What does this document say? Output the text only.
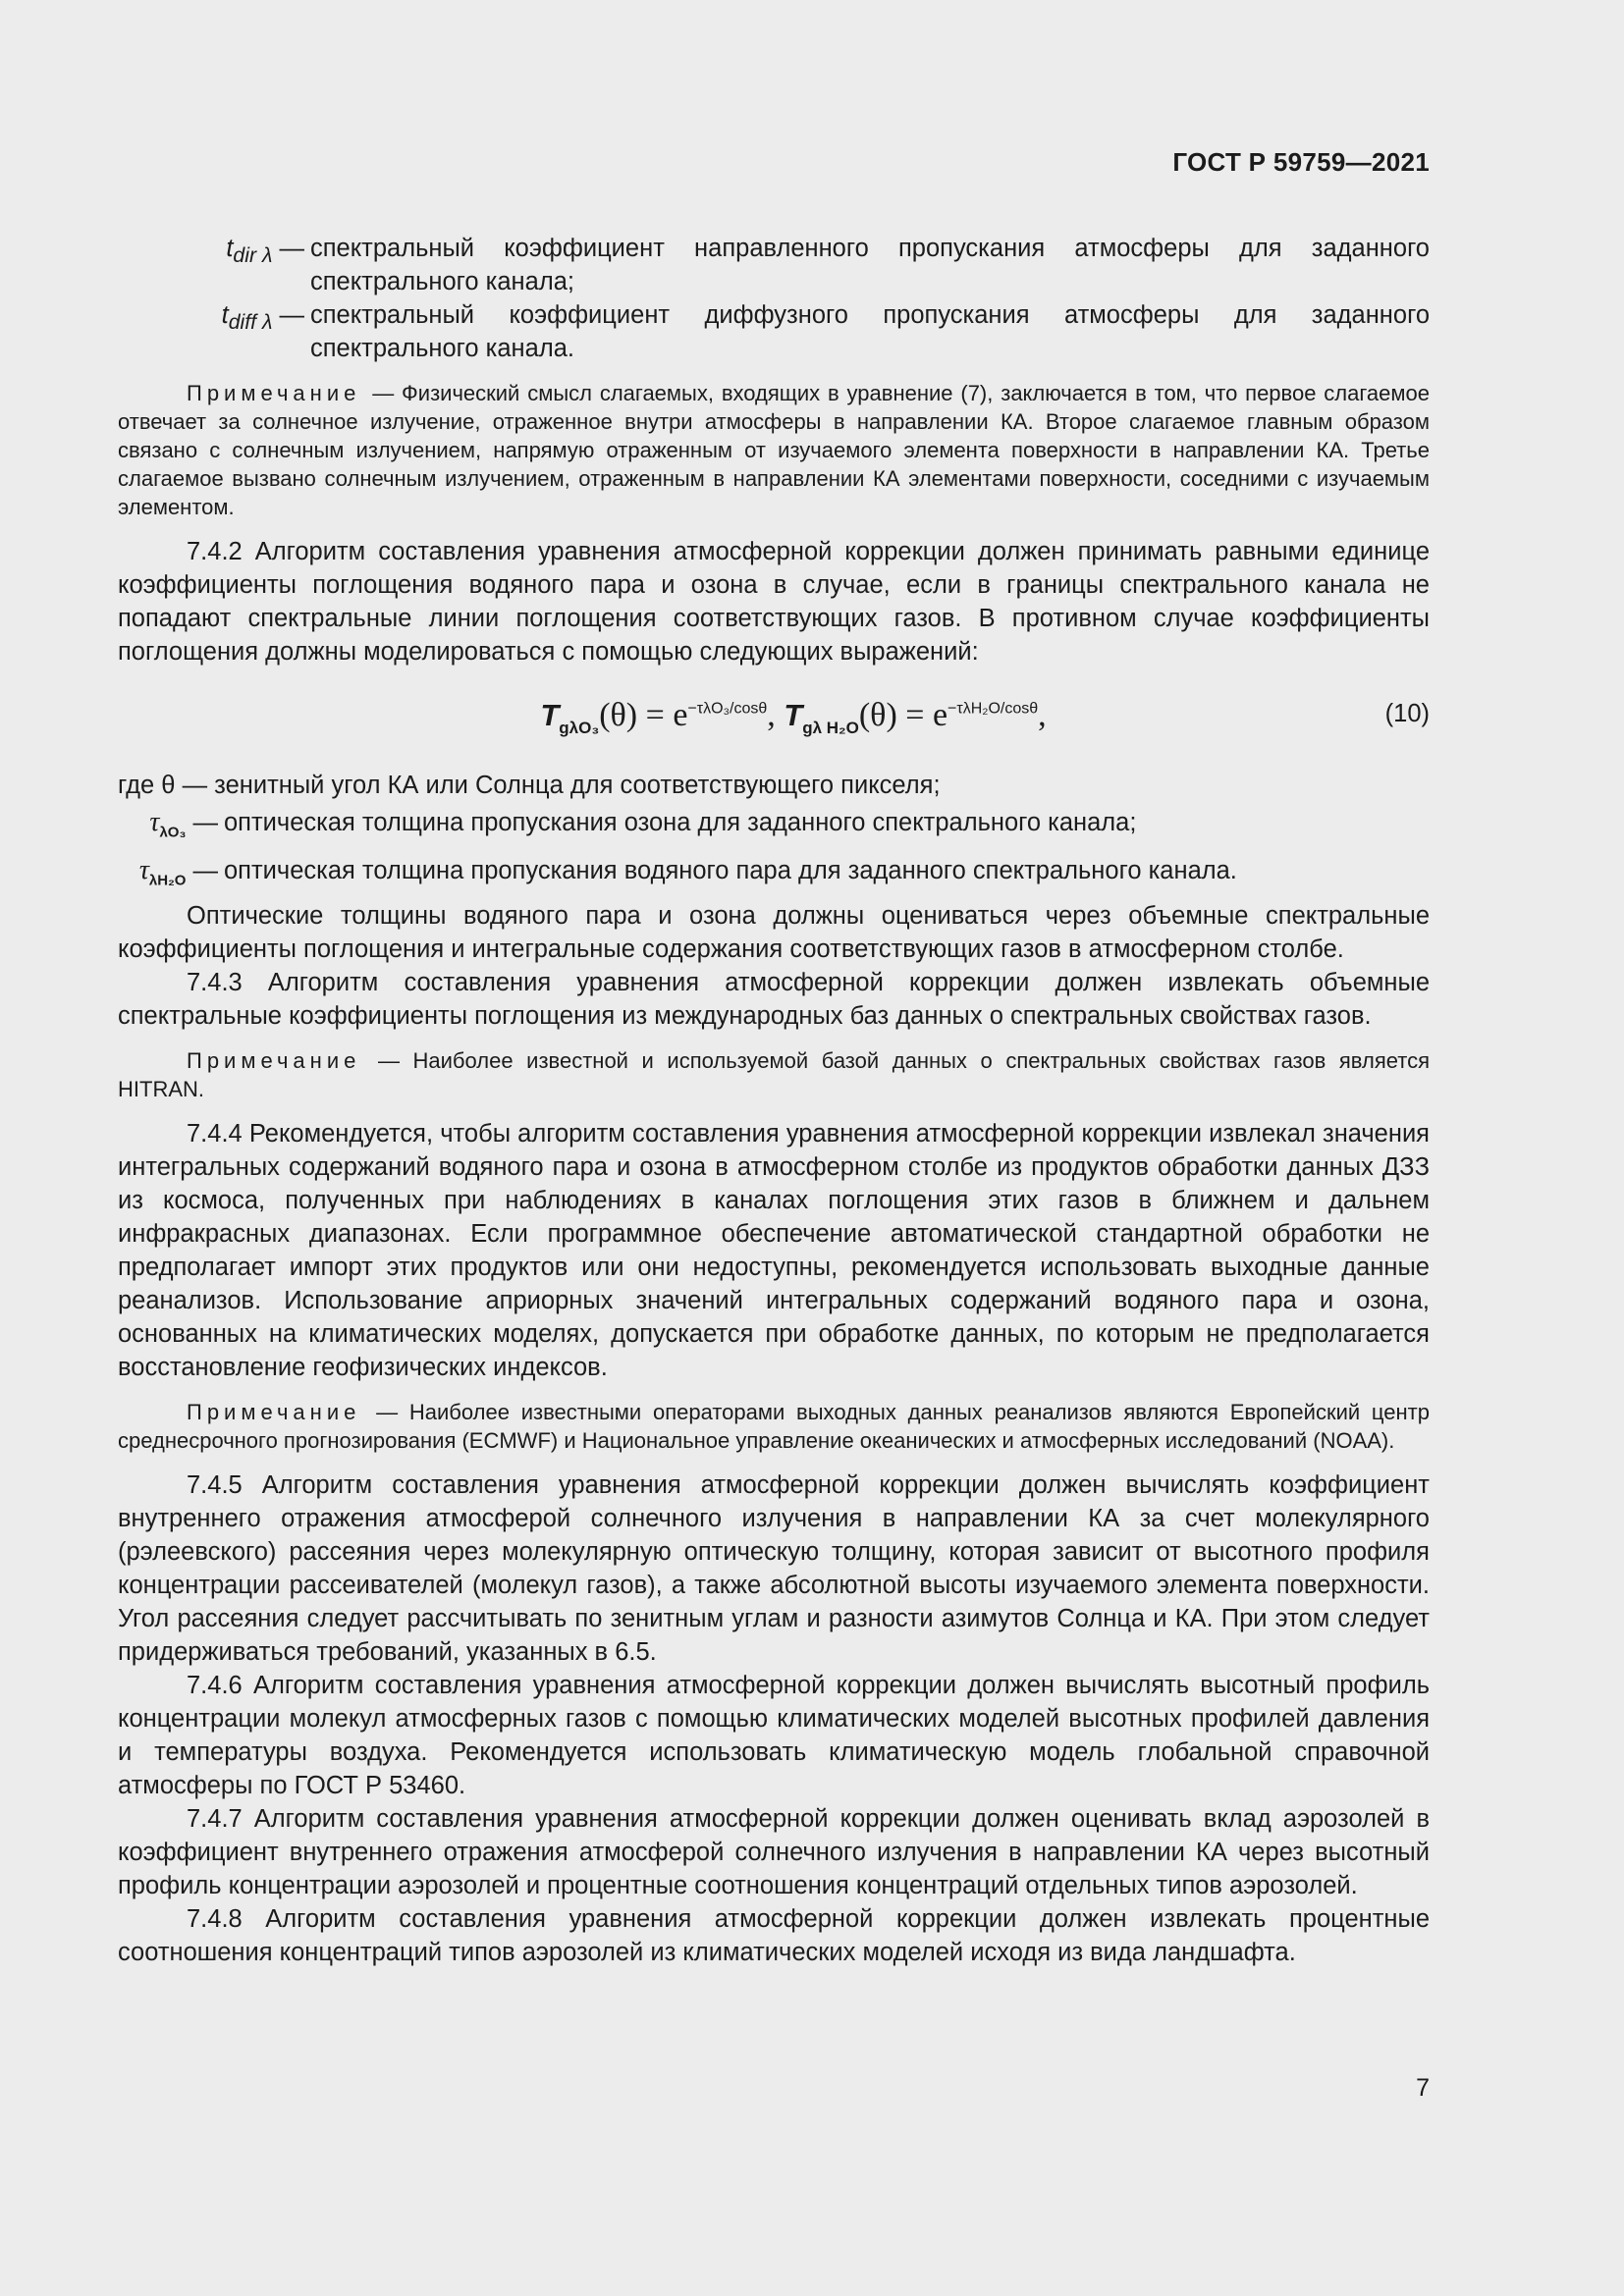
ГОСТ Р 59759—2021
$t_{dir \lambda}$ — спектральный коэффициент направленного пропускания атмосферы для заданного спектрального канала;
$t_{diff \lambda}$ — спектральный коэффициент диффузного пропускания атмосферы для заданного спектрального канала.

Примечание — Физический смысл слагаемых, входящих в уравнение (7), заключается в том, что первое слагаемое отвечает за солнечное излучение, отраженное внутри атмосферы в направлении КА. Второе слагаемое главным образом связано с солнечным излучением, напрямую отраженным от изучаемого элемента поверхности в направлении КА. Третье слагаемое вызвано солнечным излучением, отраженным в направлении КА элементами поверхности, соседними с изучаемым элементом.

7.4.2 Алгоритм составления уравнения атмосферной коррекции должен принимать равными единице коэффициенты поглощения водяного пара и озона в случае, если в границы спектрального канала не попадают спектральные линии поглощения соответствующих газов. В противном случае коэффициенты поглощения должны моделироваться с помощью следующих выражений:

$T_{g\lambda O_3}(\theta) = e^{-\tau\lambda O_3/cos\theta}$, $T_{g\lambda H_2O}(\theta) = e^{-\tau\lambda H_2O/cos\theta}$,	(10)
где θ
—
зенитный угол КА или Солнца для соответствующего пикселя;
$\tau_{\lambda O_3}$ — оптическая толщина пропускания озона для заданного спектрального канала;
$\tau_{\lambda H_2O}$ — оптическая толщина пропускания водяного пара для заданного спектрального канала.

Оптические толщины водяного пара и озона должны оцениваться через объемные спектральные коэффициенты поглощения и интегральные содержания соответствующих газов в атмосферном столбе.

7.4.3 Алгоритм составления уравнения атмосферной коррекции должен извлекать объемные спектральные коэффициенты поглощения из международных баз данных о спектральных свойствах газов.

Примечание — Наиболее известной и используемой базой данных о спектральных свойствах газов является HITRAN.

7.4.4 Рекомендуется, чтобы алгоритм составления уравнения атмосферной коррекции извлекал значения интегральных содержаний водяного пара и озона в атмосферном столбе из продуктов обработки данных ДЗЗ из космоса, полученных при наблюдениях в каналах поглощения этих газов в ближнем и дальнем инфракрасных диапазонах. Если программное обеспечение автоматической стандартной обработки не предполагает импорт этих продуктов или они недоступны, рекомендуется использовать выходные данные реанализов. Использование априорных значений интегральных содержаний водяного пара и озона, основанных на климатических моделях, допускается при обработке данных, по которым не предполагается восстановление геофизических индексов.

Примечание — Наиболее известными операторами выходных данных реанализов являются Европейский центр среднесрочного прогнозирования (ECMWF) и Национальное управление океанических и атмосферных исследований (NOAA).

7.4.5 Алгоритм составления уравнения атмосферной коррекции должен вычислять коэффициент внутреннего отражения атмосферой солнечного излучения в направлении КА за счет молекулярного (рэлеевского) рассеяния через молекулярную оптическую толщину, которая зависит от высотного профиля концентрации рассеивателей (молекул газов), а также абсолютной высоты изучаемого элемента поверхности. Угол рассеяния следует рассчитывать по зенитным углам и разности азимутов Солнца и КА. При этом следует придерживаться требований, указанных в 6.5.

7.4.6 Алгоритм составления уравнения атмосферной коррекции должен вычислять высотный профиль концентрации молекул атмосферных газов с помощью климатических моделей высотных профилей давления и температуры воздуха. Рекомендуется использовать климатическую модель глобальной справочной атмосферы по ГОСТ Р 53460.

7.4.7 Алгоритм составления уравнения атмосферной коррекции должен оценивать вклад аэрозолей в коэффициент внутреннего отражения атмосферой солнечного излучения в направлении КА через высотный профиль концентрации аэрозолей и процентные соотношения концентраций отдельных типов аэрозолей.

7.4.8 Алгоритм составления уравнения атмосферной коррекции должен извлекать процентные соотношения концентраций типов аэрозолей из климатических моделей исходя из вида ландшафта.

7
